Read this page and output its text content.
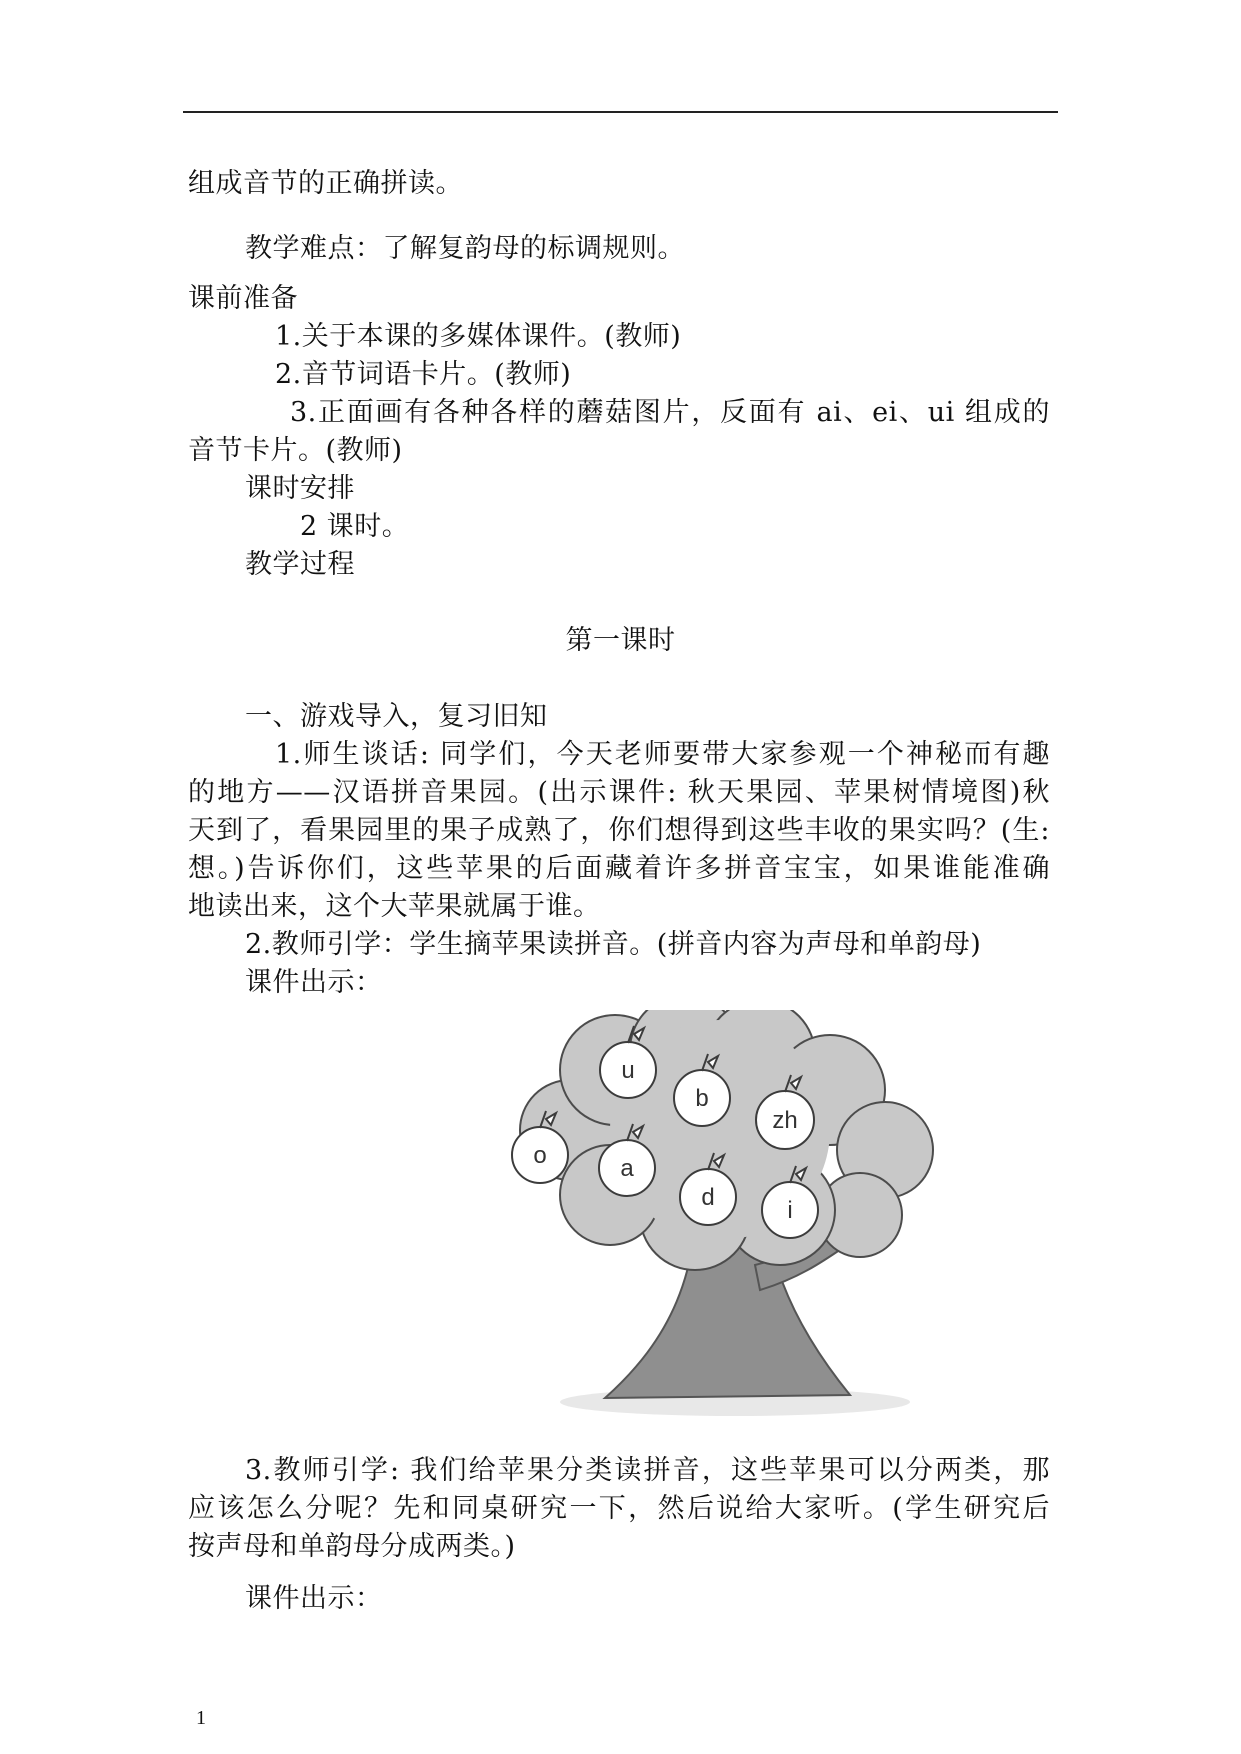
组成音节的正确拼读。
教学难点：了解复韵母的标调规则。
课前准备
1.关于本课的多媒体课件。(教师)
2.音节词语卡片。(教师)
3.正面画有各种各样的蘑菇图片，反面有 ai、ei、ui 组成的
音节卡片。(教师)
课时安排
2 课时。
教学过程
第一课时
一、游戏导入，复习旧知
1.师生谈话: 同学们，今天老师要带大家参观一个神秘而有趣
的地方——汉语拼音果园。(出示课件: 秋天果园、苹果树情境图)秋
天到了，看果园里的果子成熟了，你们想得到这些丰收的果实吗？(生:
想。)告诉你们，这些苹果的后面藏着许多拼音宝宝，如果谁能准确
地读出来，这个大苹果就属于谁。
2.教师引学：学生摘苹果读拼音。(拼音内容为声母和单韵母)
课件出示：
u
b
zh
o	a
d	i
3.教师引学: 我们给苹果分类读拼音，这些苹果可以分两类，那
应该怎么分呢？先和同桌研究一下，然后说给大家听。(学生研究后
按声母和单韵母分成两类。)
课件出示：
1
